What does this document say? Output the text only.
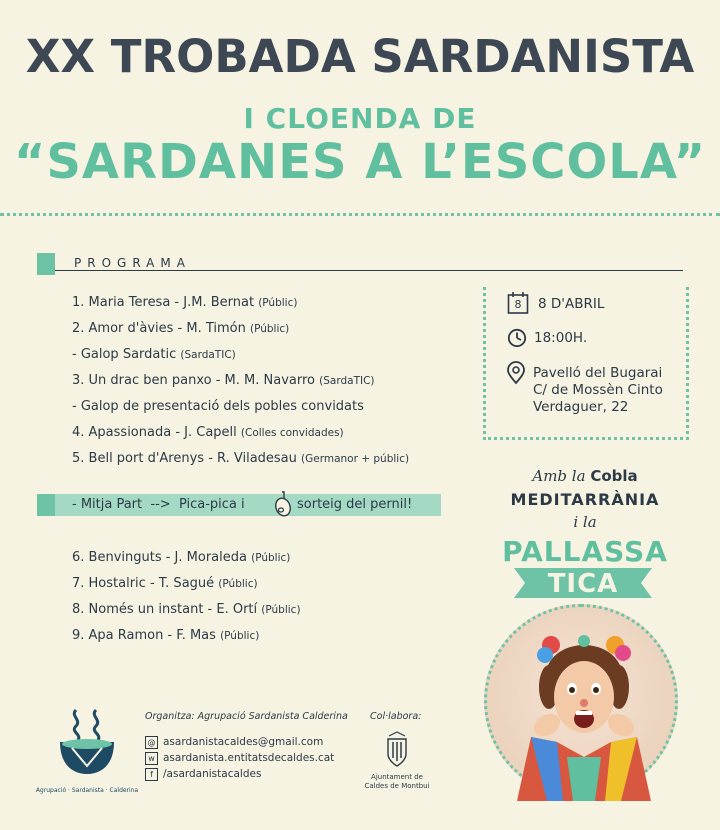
XX TROBADA SARDANISTA
I CLOENDA DE
“SARDANES A L’ESCOLA”
PROGRAMA
1. Maria Teresa - J.M. Bernat (Públic)
2. Amor d'àvies - M. Timón (Públic)
- Galop Sardatic (SardaTIC)
3. Un drac ben panxo - M. M. Navarro (SardaTIC)
- Galop de presentació dels pobles convidats
4. Apassionada - J. Capell (Colles convidades)
5. Bell port d'Arenys - R. Viladesau (Germanor + públic)
8	8 D'ABRIL
18:00H.
Pavelló del Bugarai
C/ de Mossèn Cinto
Verdaguer, 22
- Mitja Part --> Pica-pica i	sorteig del pernil!
6. Benvinguts - J. Moraleda (Públic)
7. Hostalric - T. Sagué (Públic)
8. Només un instant - E. Ortí (Públic)
9. Apa Ramon - F. Mas (Públic)
Amb la Cobla
MEDITARRÀNIA
i la
PALLASSA
TICA
Agrupació · Sardanista · Calderina
Organitza: Agrupació Sardanista Calderina Col·labora:
@ asardanistacaldes@gmail.com
w asardanista.entitatsdecaldes.cat
f /asardanistacaldes	Ajuntament de
Caldes de Montbui
